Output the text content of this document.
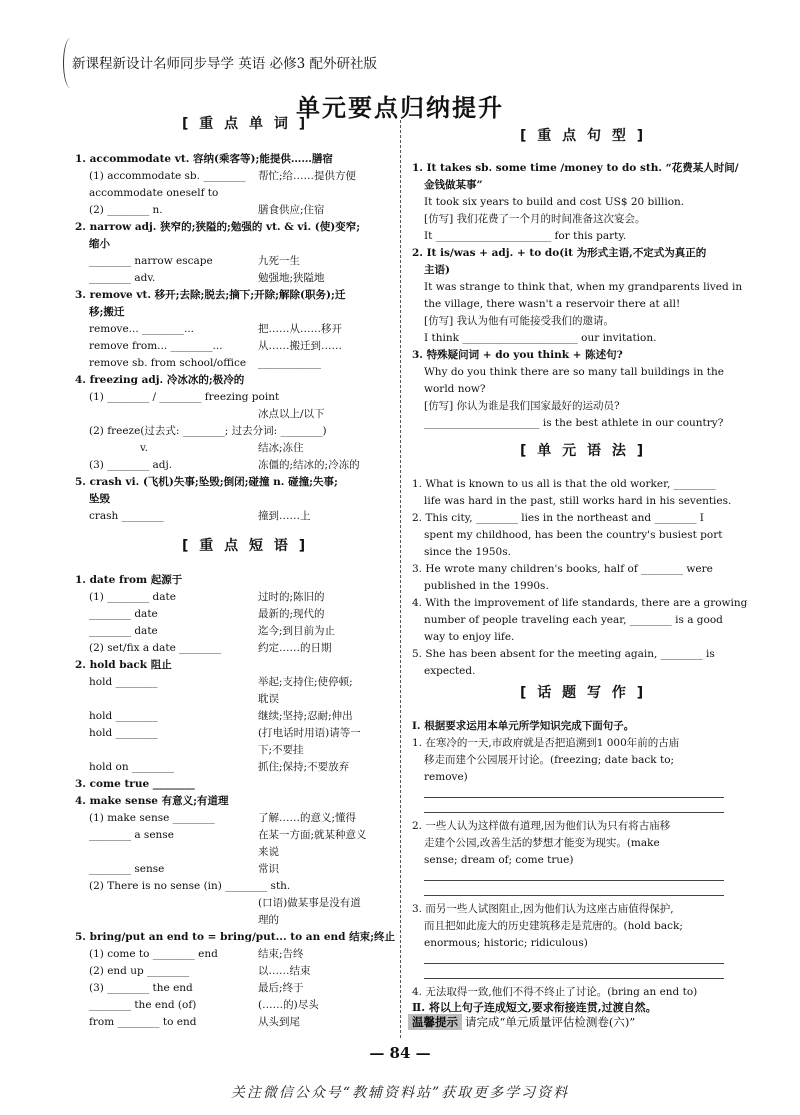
新课程新设计名师同步导学 英语 必修3 配外研社版
单元要点归纳提升
[ 重 点 单 词 ]
1. accommodate vt. 容纳(乘客等);能提供……膳宿
(1) accommodate sb. ________ 帮忙;给……提供方便
accommodate oneself to
(2) ________ n.	膳食供应;住宿
2. narrow adj. 狭窄的;狭隘的;勉强的 vt. & vi. (使)变窄;
缩小
________ narrow escape	九死一生
________ adv.	勉强地;狭隘地
3. remove vt. 移开;去除;脱去;摘下;开除;解除(职务);迁
移;搬迁
remove... ________...	把……从……移开
remove from... ________...	从……搬迁到……
remove sb. from school/office ____________
4. freezing adj. 冷冰冰的;极冷的
(1) ________ / ________ freezing point
冰点以上/以下
(2) freeze(过去式: ________; 过去分词: ________)
v.	结冰;冻住
(3) ________ adj.	冻僵的;结冰的;冷冻的
5. crash vi. (飞机)失事;坠毁;倒闭;碰撞 n. 碰撞;失事;
坠毁
crash ________	撞到……上
[ 重 点 短 语 ]
1. date from 起源于
(1) ________ date	过时的;陈旧的
________ date	最新的;现代的
________ date	迄今;到目前为止
(2) set/fix a date ________	约定……的日期
2. hold back 阻止
hold ________	举起;支持住;使停顿;
耽误
hold ________	继续;坚持;忍耐;伸出
hold ________	(打电话时用语)请等一
下;不要挂
hold on ________	抓住;保持;不要放弃
3. come true ________
4. make sense 有意义;有道理
(1) make sense ________	了解……的意义;懂得
________ a sense	在某一方面;就某种意义
来说
________ sense	常识
(2) There is no sense (in) ________ sth.
(口语)做某事是没有道
理的
5. bring/put an end to = bring/put... to an end 结束;终止
(1) come to ________ end	结束;告终
(2) end up ________	以……结束
(3) ________ the end	最后;终于
________ the end (of)	(……的)尽头
from ________ to end	从头到尾
[ 重 点 句 型 ]
1. It takes sb. some time /money to do sth. “花费某人时间/
金钱做某事”
It took six years to build and cost US$ 20 billion.
[仿写] 我们花费了一个月的时间准备这次宴会。
It ______________________ for this party.
2. It is/was + adj. + to do(it 为形式主语,不定式为真正的
主语)
It was strange to think that, when my grandparents lived in
the village, there wasn't a reservoir there at all!
[仿写] 我认为他有可能接受我们的邀请。
I think ______________________ our invitation.
3. 特殊疑问词 + do you think + 陈述句?
Why do you think there are so many tall buildings in the
world now?
[仿写] 你认为谁是我们国家最好的运动员?
______________________ is the best athlete in our country?
[ 单 元 语 法 ]
1. What is known to us all is that the old worker, ________
life was hard in the past, still works hard in his seventies.
2. This city, ________ lies in the northeast and ________ I
spent my childhood, has been the country's busiest port
since the 1950s.
3. He wrote many children's books, half of ________ were
published in the 1990s.
4. With the improvement of life standards, there are a growing
number of people traveling each year, ________ is a good
way to enjoy life.
5. She has been absent for the meeting again, ________ is
expected.
[ 话 题 写 作 ]
Ⅰ. 根据要求运用本单元所学知识完成下面句子。
1. 在寒冷的一天,市政府就是否把追溯到1 000年前的古庙
移走而建个公园展开讨论。(freezing; date back to;
remove)
2. 一些人认为这样做有道理,因为他们认为只有将古庙移
走建个公园,改善生活的梦想才能变为现实。(make
sense; dream of; come true)
3. 而另一些人试图阻止,因为他们认为这座古庙值得保护,
而且把如此庞大的历史建筑移走是荒唐的。(hold back;
enormous; historic; ridiculous)
4. 无法取得一致,他们不得不终止了讨论。(bring an end to)
Ⅱ. 将以上句子连成短文,要求衔接连贯,过渡自然。
温馨提示 请完成“单元质量评估检测卷(六)”
— 84 —
关注微信公众号“教辅资料站”获取更多学习资料
